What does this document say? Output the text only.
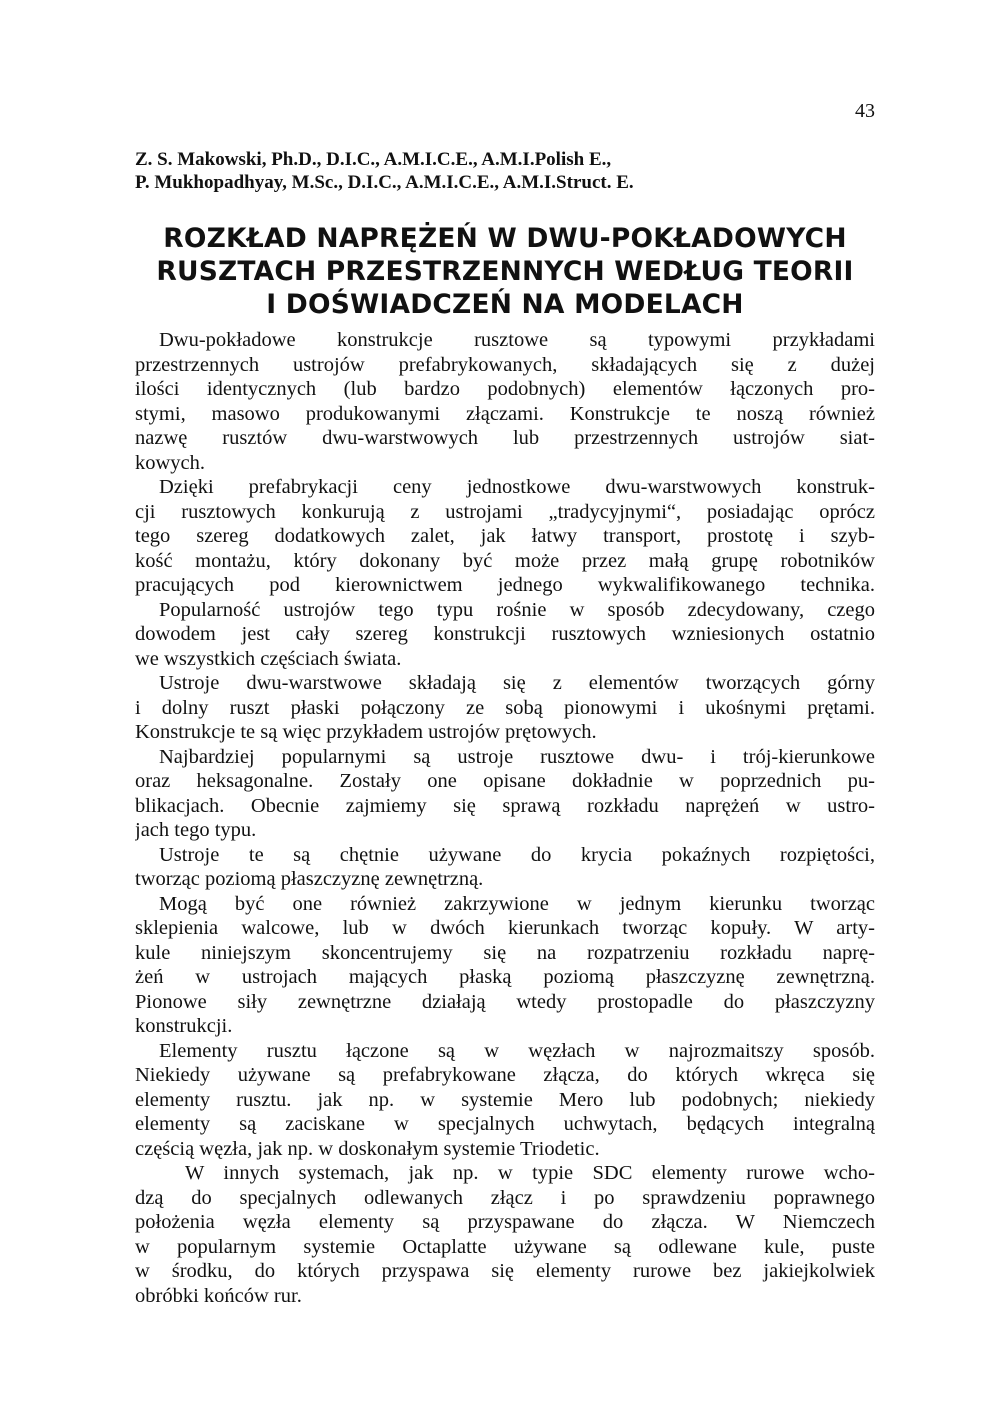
43
Z. S. Makowski, Ph.D., D.I.C., A.M.I.C.E., A.M.I.Polish E.,
P. Mukhopadhyay, M.Sc., D.I.C., A.M.I.C.E., A.M.I.Struct. E.
ROZKŁAD NAPRĘŻEŃ W DWU-POKŁADOWYCH
RUSZTACH PRZESTRZENNYCH WEDŁUG TEORII
I DOŚWIADCZEŃ NA MODELACH
Dwu-pokładowe konstrukcje rusztowe są typowymi przykładami
przestrzennych ustrojów prefabrykowanych, składających się z dużej
ilości identycznych (lub bardzo podobnych) elementów łączonych pro-
stymi, masowo produkowanymi złączami. Konstrukcje te noszą również
nazwę rusztów dwu-warstwowych lub przestrzennych ustrojów siat-
kowych.
Dzięki prefabrykacji ceny jednostkowe dwu-warstwowych konstruk-
cji rusztowych konkurują z ustrojami „tradycyjnymi“, posiadając oprócz
tego szereg dodatkowych zalet, jak łatwy transport, prostotę i szyb-
kość montażu, który dokonany być może przez małą grupę robotników
pracujących pod kierownictwem jednego wykwalifikowanego technika.
Popularność ustrojów tego typu rośnie w sposób zdecydowany, czego
dowodem jest cały szereg konstrukcji rusztowych wzniesionych ostatnio
we wszystkich częściach świata.
Ustroje dwu-warstwowe składają się z elementów tworzących górny
i dolny ruszt płaski połączony ze sobą pionowymi i ukośnymi prętami.
Konstrukcje te są więc przykładem ustrojów prętowych.
Najbardziej popularnymi są ustroje rusztowe dwu- i trój-kierunkowe
oraz heksagonalne. Zostały one opisane dokładnie w poprzednich pu-
blikacjach. Obecnie zajmiemy się sprawą rozkładu naprężeń w ustro-
jach tego typu.
Ustroje te są chętnie używane do krycia pokaźnych rozpiętości,
tworząc poziomą płaszczyznę zewnętrzną.
Mogą być one również zakrzywione w jednym kierunku tworząc
sklepienia walcowe, lub w dwóch kierunkach tworząc kopuły. W arty-
kule niniejszym skoncentrujemy się na rozpatrzeniu rozkładu naprę-
żeń w ustrojach mających płaską poziomą płaszczyznę zewnętrzną.
Pionowe siły zewnętrzne działają wtedy prostopadle do płaszczyzny
konstrukcji.
Elementy rusztu łączone są w węzłach w najrozmaitszy sposób.
Niekiedy używane są prefabrykowane złącza, do których wkręca się
elementy rusztu. jak np. w systemie Mero lub podobnych; niekiedy
elementy są zaciskane w specjalnych uchwytach, będących integralną
częścią węzła, jak np. w doskonałym systemie Triodetic.
W innych systemach, jak np. w typie SDC elementy rurowe wcho-
dzą do specjalnych odlewanych złącz i po sprawdzeniu poprawnego
położenia węzła elementy są przyspawane do złącza. W Niemczech
w popularnym systemie Octaplatte używane są odlewane kule, puste
w środku, do których przyspawa się elementy rurowe bez jakiejkolwiek
obróbki końców rur.
